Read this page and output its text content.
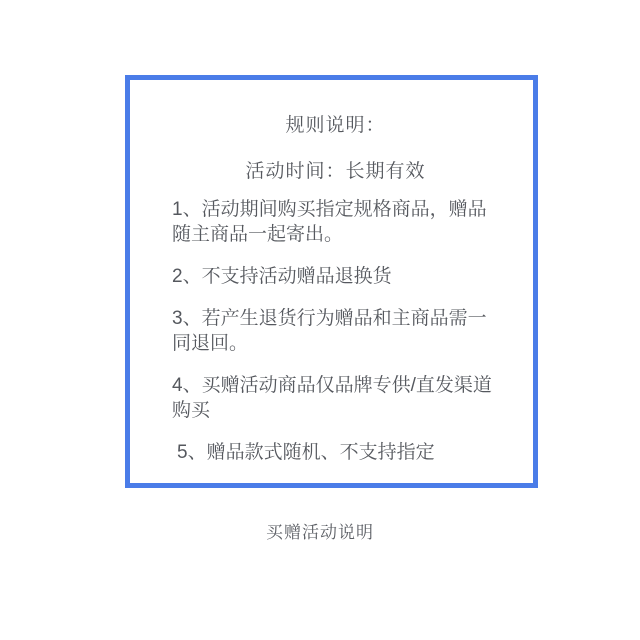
规则说明：
活动时间：长期有效
1、活动期间购买指定规格商品，赠品随主商品一起寄出。
2、不支持活动赠品退换货
3、若产生退货行为赠品和主商品需一同退回。
4、买赠活动商品仅品牌专供/直发渠道购买
5、赠品款式随机、不支持指定
买赠活动说明
